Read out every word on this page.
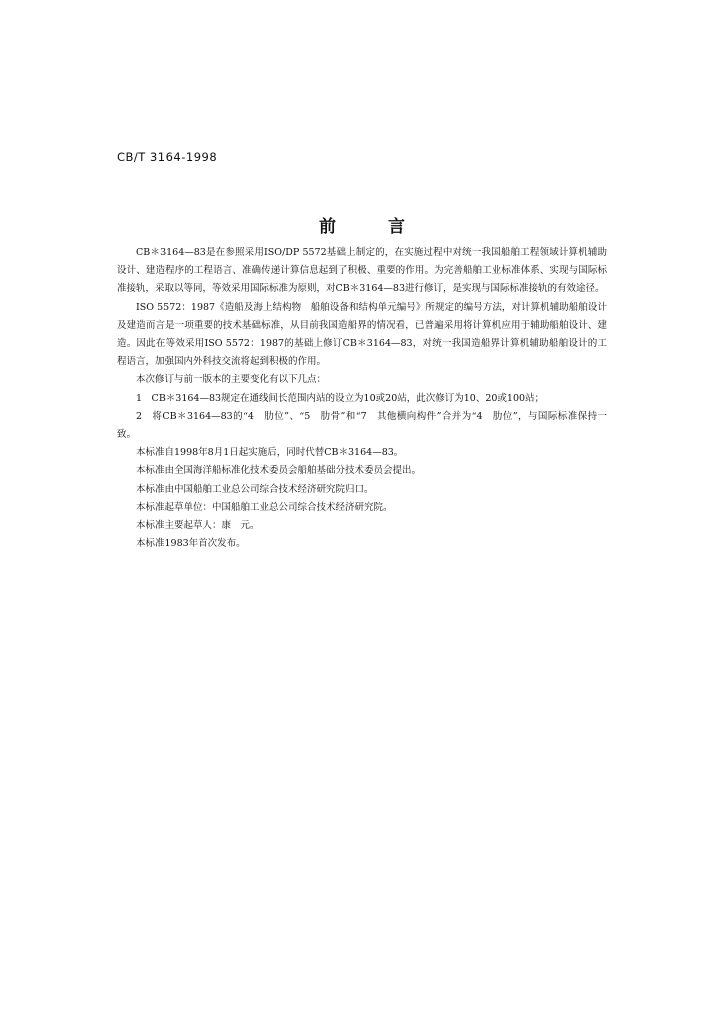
CB/T 3164-1998
前言

CB＊3164—83是在参照采用ISO/DP 5572基础上制定的，在实施过程中对统一我国船舶工程领域计算机辅助设计、建造程序的工程语言、准确传递计算信息起到了积极、重要的作用。为完善船舶工业标准体系、实现与国际标准接轨，采取以等同，等效采用国际标准为原则，对CB＊3164—83进行修订，是实现与国际标准接轨的有效途径。

ISO 5572：1987《造船及海上结构物　船舶设备和结构单元编号》所规定的编号方法，对计算机辅助船舶设计及建造而言是一项重要的技术基础标准，从目前我国造船界的情况看，已普遍采用将计算机应用于辅助船舶设计、建造。因此在等效采用ISO 5572：1987的基础上修订CB＊3164—83，对统一我国造船界计算机辅助船舶设计的工程语言，加强国内外科技交流将起到积极的作用。

本次修订与前一版本的主要变化有以下几点：

1　CB＊3164—83规定在通线间长范围内站的设立为10或20站，此次修订为10、20或100站；

2　将CB＊3164—83的“4　肋位”、“5　肋骨”和“7　其他横向构件”合并为“4　肋位”，与国际标准保持一致。

本标准自1998年8月1日起实施后，同时代替CB＊3164—83。

本标准由全国海洋船标准化技术委员会船舶基础分技术委员会提出。

本标准由中国船舶工业总公司综合技术经济研究院归口。

本标准起草单位：中国船舶工业总公司综合技术经济研究院。

本标准主要起草人：康　元。

本标准1983年首次发布。
